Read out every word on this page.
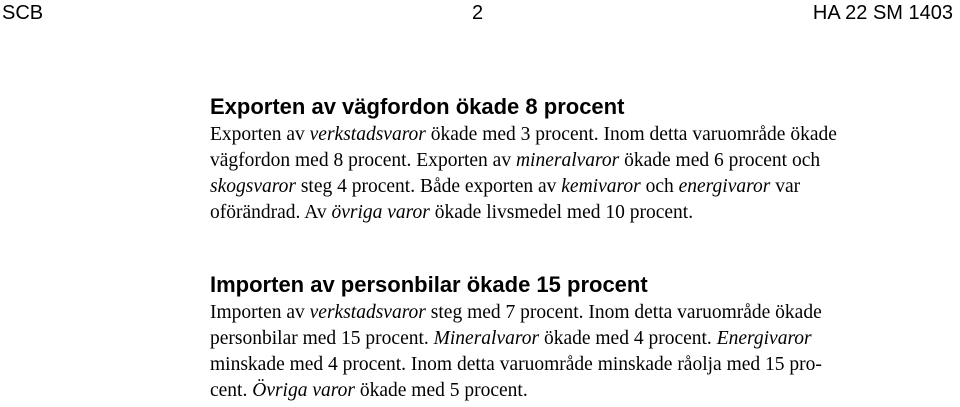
SCB	2	HA 22 SM 1403
Exporten av vägfordon ökade 8 procent

Exporten av verkstadsvaror ökade med 3 procent. Inom detta varuområde ökade

vägfordon med 8 procent. Exporten av mineralvaror ökade med 6 procent och

skogsvaror steg 4 procent. Både exporten av kemivaror och energivaror var

oförändrad. Av övriga varor ökade livsmedel med 10 procent.

Importen av personbilar ökade 15 procent

Importen av verkstadsvaror steg med 7 procent. Inom detta varuområde ökade

personbilar med 15 procent. Mineralvaror ökade med 4 procent. Energivaror

minskade med 4 procent. Inom detta varuområde minskade råolja med 15 pro-

cent. Övriga varor ökade med 5 procent.
